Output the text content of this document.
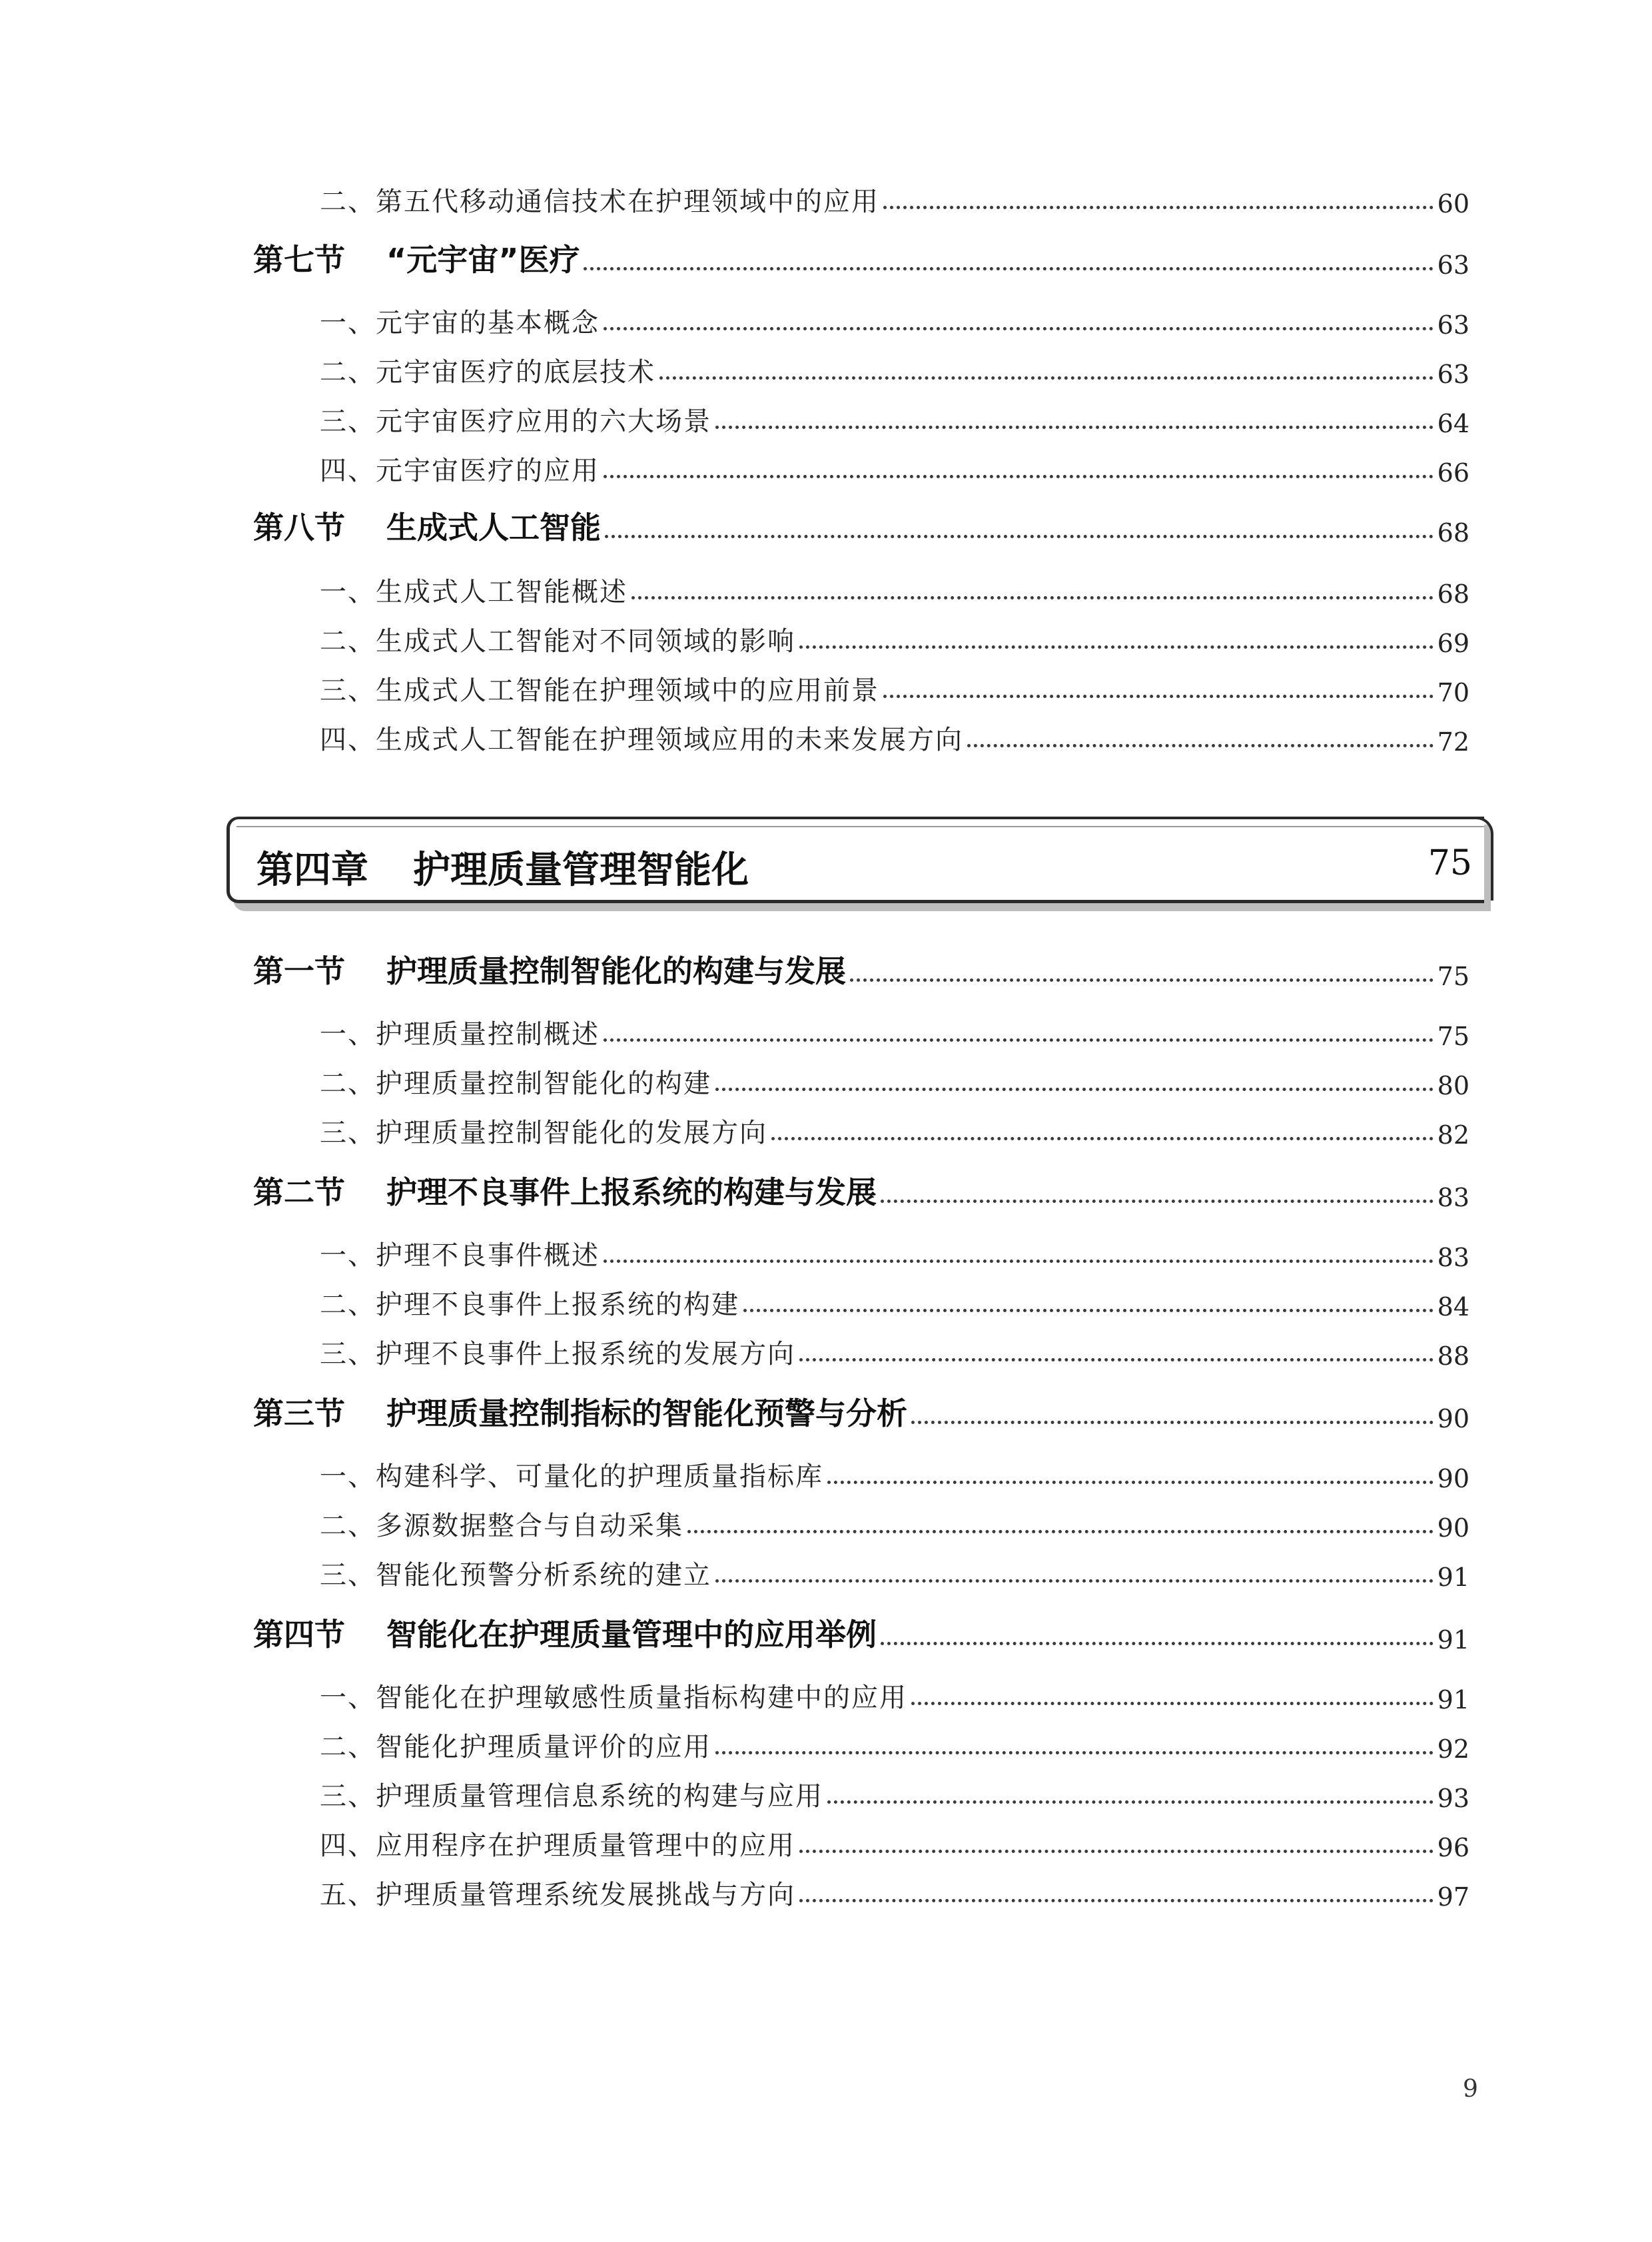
二、第五代移动通信技术在护理领域中的应用	60
第七节 “元宇宙”医疗	63
一、元宇宙的基本概念	63
二、元宇宙医疗的底层技术	63
三、元宇宙医疗应用的六大场景	64
四、元宇宙医疗的应用	66
第八节 生成式人工智能	68
一、生成式人工智能概述	68
二、生成式人工智能对不同领域的影响	69
三、生成式人工智能在护理领域中的应用前景	70
四、生成式人工智能在护理领域应用的未来发展方向	72
第四章 护理质量管理智能化	75
第一节 护理质量控制智能化的构建与发展	75
一、护理质量控制概述	75
二、护理质量控制智能化的构建	80
三、护理质量控制智能化的发展方向	82
第二节 护理不良事件上报系统的构建与发展	83
一、护理不良事件概述	83
二、护理不良事件上报系统的构建	84
三、护理不良事件上报系统的发展方向	88
第三节 护理质量控制指标的智能化预警与分析	90
一、构建科学、可量化的护理质量指标库	90
二、多源数据整合与自动采集	90
三、智能化预警分析系统的建立	91
第四节 智能化在护理质量管理中的应用举例	91
一、智能化在护理敏感性质量指标构建中的应用	91
二、智能化护理质量评价的应用	92
三、护理质量管理信息系统的构建与应用	93
四、应用程序在护理质量管理中的应用	96
五、护理质量管理系统发展挑战与方向	97
9
